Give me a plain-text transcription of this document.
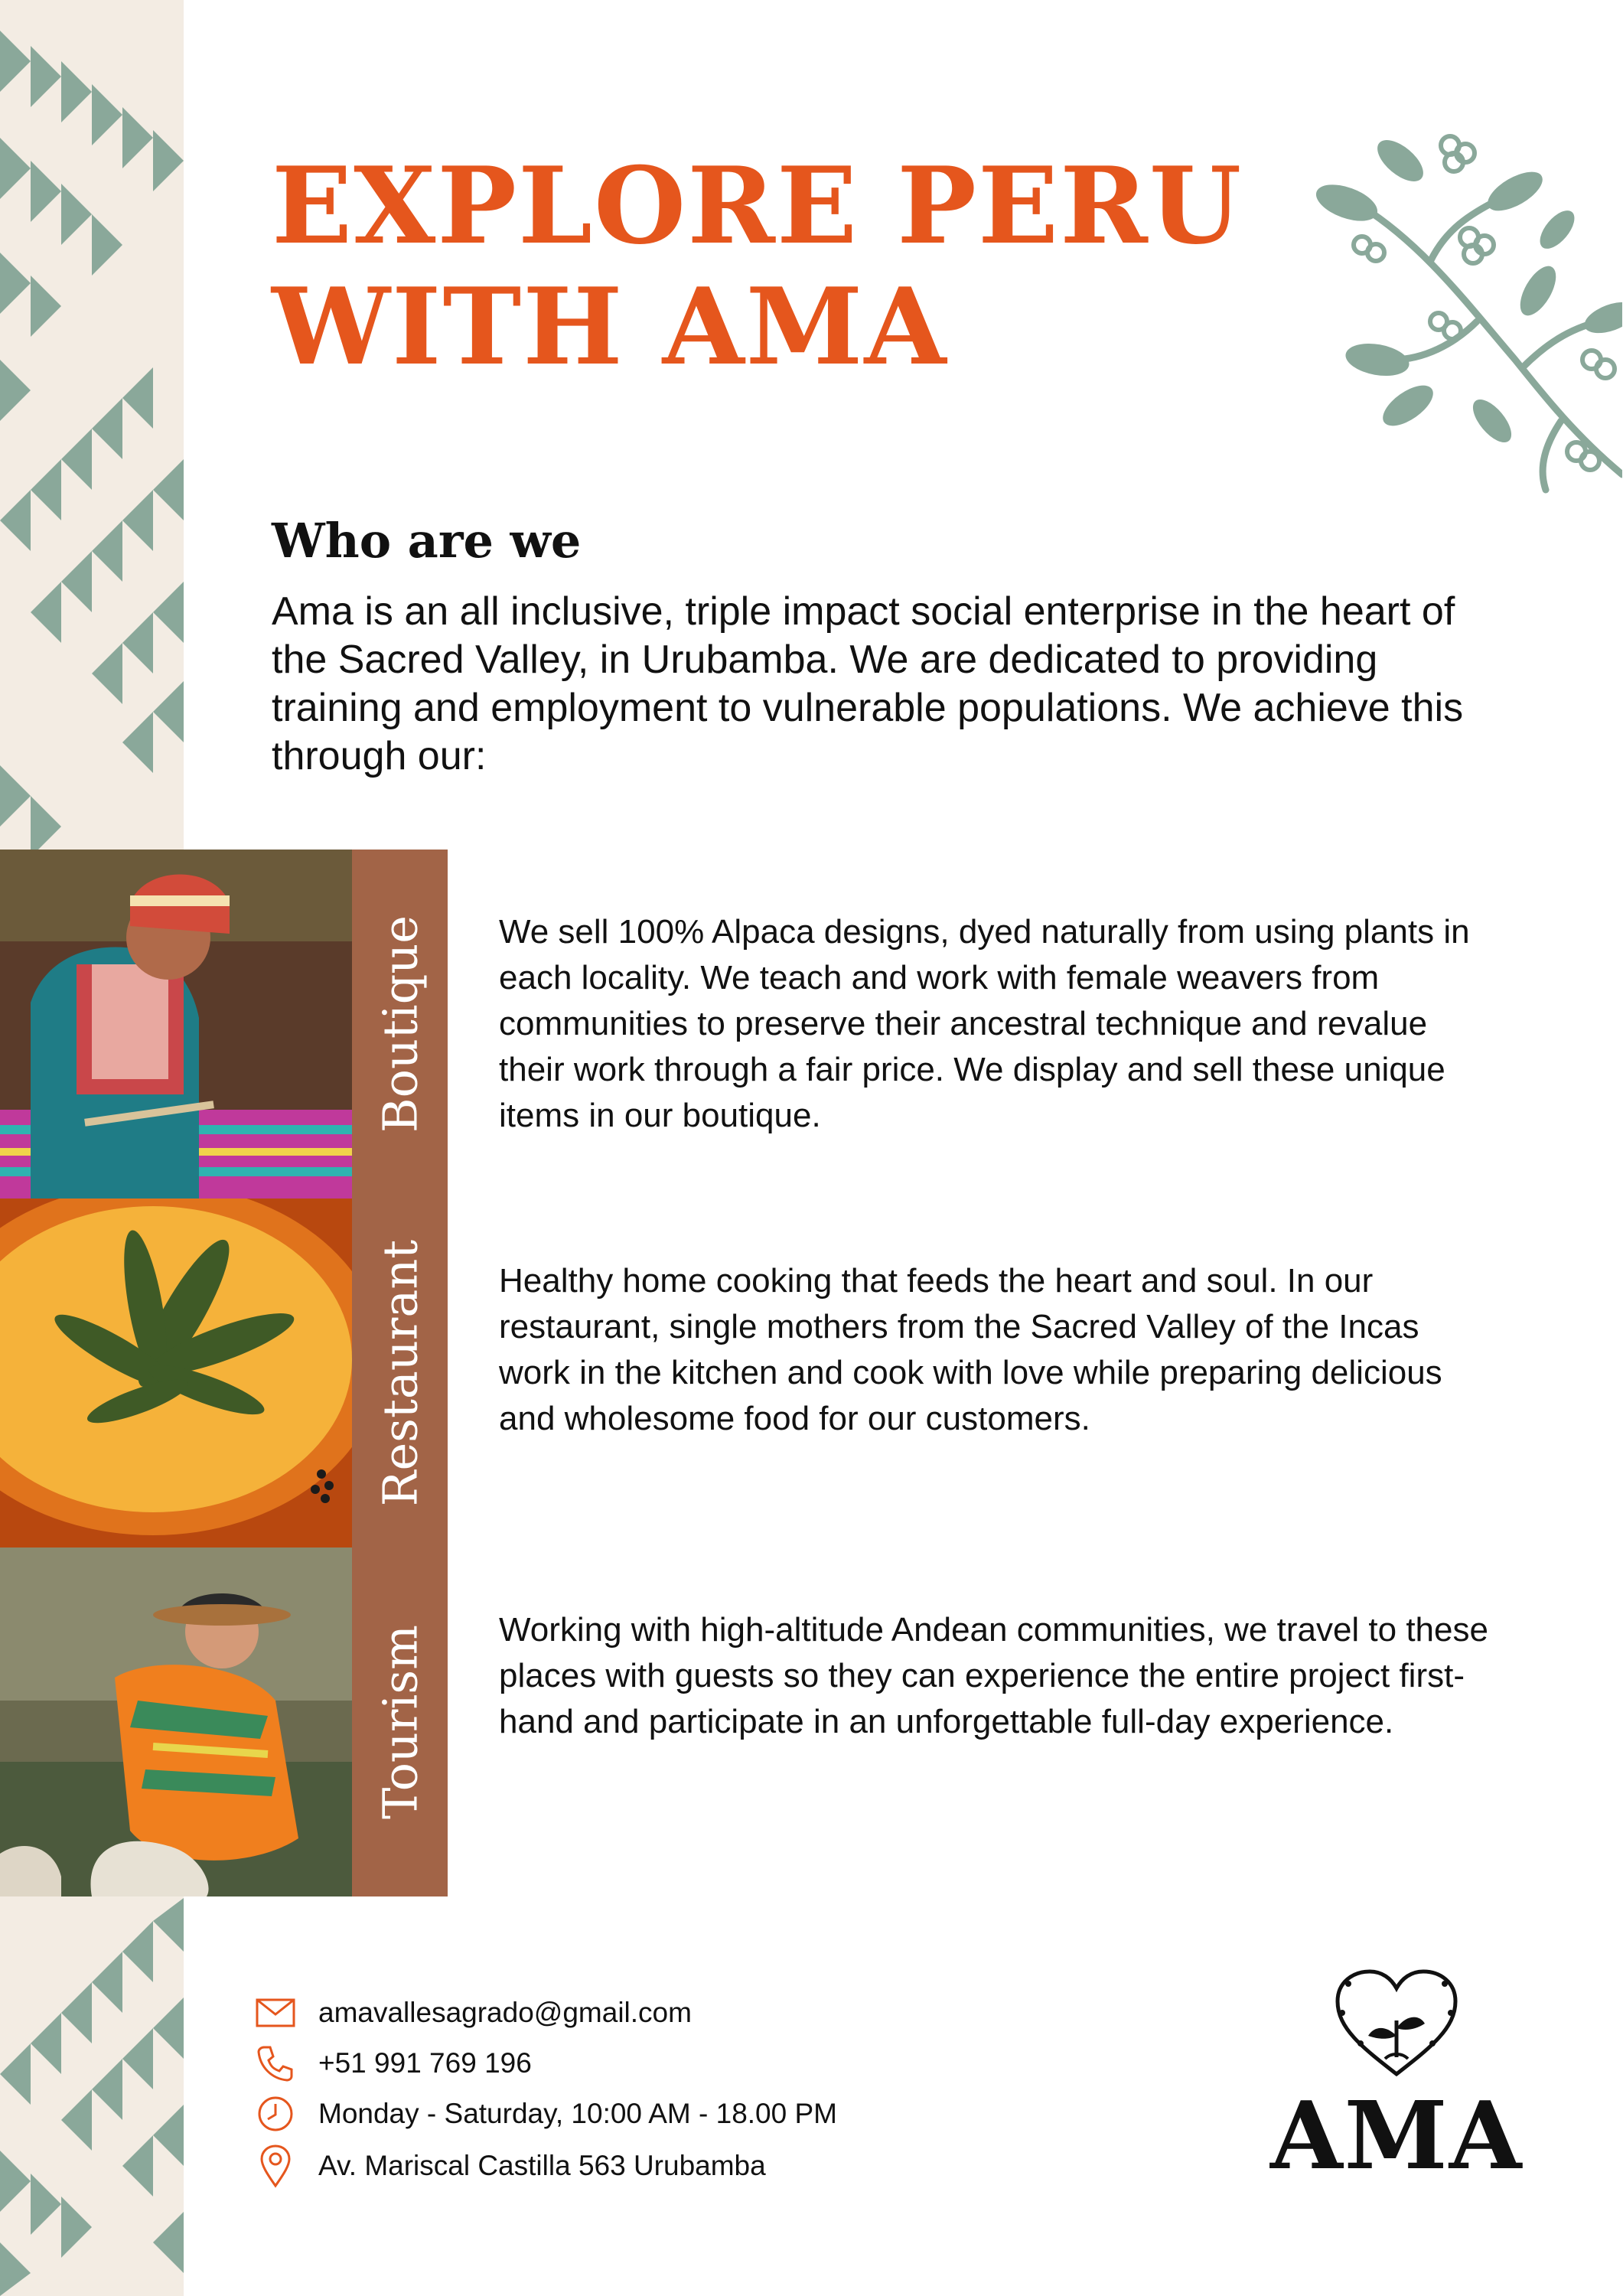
EXPLORE PERU
WITH AMA
Who are we

Ama is an all inclusive, triple impact social enterprise in the heart of the Sacred Valley, in Urubamba. We are dedicated to providing training and employment to vulnerable populations. We achieve this through our:

Boutique We sell 100% Alpaca designs, dyed naturally from using plants in each locality. We teach and work with female weavers from communities to preserve their ancestral technique and revalue their work through a fair price. We display and sell these unique items in our boutique.

Restaurant Healthy home cooking that feeds the heart and soul. In our restaurant, single mothers from the Sacred Valley of the Incas work in the kitchen and cook with love while preparing delicious and wholesome food for our customers.

Tourism Working with high-altitude Andean communities, we travel to these places with guests so they can experience the entire project first-hand and participate in an unforgettable full-day experience.

amavallesagrado@gmail.com
+51 991 769 196
Monday - Saturday, 10:00 AM - 18.00 PM
Av. Mariscal Castilla 563 Urubamba	AMA
